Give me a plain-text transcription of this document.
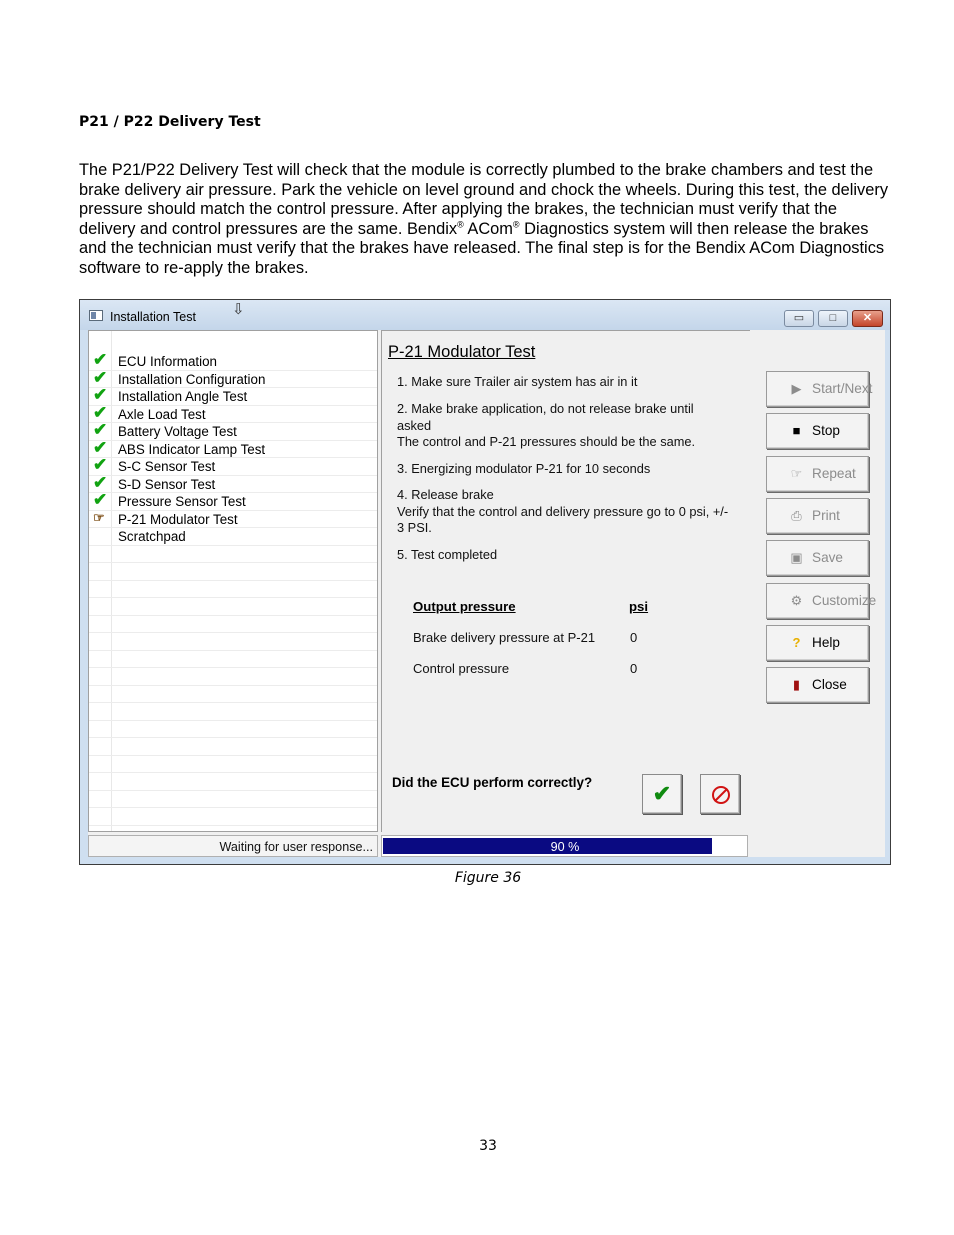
P21 / P22 Delivery Test
The P21/P22 Delivery Test will check that the module is correctly plumbed to the brake chambers and test the brake delivery air pressure. Park the vehicle on level ground and chock the wheels. During this test, the delivery pressure should match the control pressure. After applying the brakes, the technician must verify that the delivery and control pressures are the same. Bendix® ACom® Diagnostics system will then release the brakes and the technician must verify that the brakes have released. The final step is for the Bendix ACom Diagnostics software to re-apply the brakes.
Installation Test ⇩	▭	□	✕
✔ ECU Information
✔ Installation Configuration
✔ Installation Angle Test
✔ Axle Load Test
✔ Battery Voltage Test
✔ ABS Indicator Lamp Test
✔ S-C Sensor Test
✔ S-D Sensor Test
✔ Pressure Sensor Test
☞ P-21 Modulator Test
Scratchpad
P-21 Modulator Test
1. Make sure Trailer air system has air in it
2. Make brake application, do not release brake until
asked
The control and P-21 pressures should be the same.
3. Energizing modulator P-21 for 10 seconds
4. Release brake
Verify that the control and delivery pressure go to 0 psi, +/-
3 PSI.
5. Test completed
Output pressure	psi
Brake delivery pressure at P-21	0
Control pressure	0
Did the ECU perform correctly?	✔
▶ Start/Next
■ Stop
☞ Repeat
⎙ Print
▣ Save
⚙ Customize
? Help
▮ Close
Waiting for user response...	90 %
Figure 36
33
